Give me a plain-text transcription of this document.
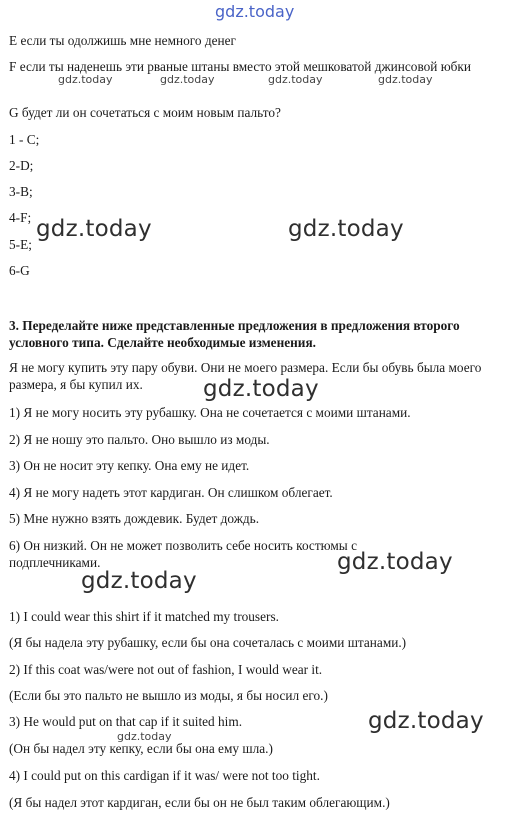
gdz.today
E если ты одолжишь мне немного денег
F если ты наденешь эти рваные штаны вместо этой мешковатой джинсовой юбки
G будет ли он сочетаться с моим новым пальто?
1 - C;
2-D;
3-B;
4-F;
5-E;
6-G
3. Переделайте ниже представленные предложения в предложения второго условного типа. Сделайте необходимые изменения.
Я не могу купить эту пару обуви. Они не моего размера. Если бы обувь была моего размера, я бы купил их.
1) Я не могу носить эту рубашку. Она не сочетается с моими штанами.
2) Я не ношу это пальто. Оно вышло из моды.
3) Он не носит эту кепку. Она ему не идет.
4) Я не могу надеть этот кардиган. Он слишком облегает.
5) Мне нужно взять дождевик. Будет дождь.
6) Он низкий. Он не может позволить себе носить костюмы с подплечниками.
1) I could wear this shirt if it matched my trousers.
(Я бы надела эту рубашку, если бы она сочеталась с моими штанами.)
2) If this coat was/were not out of fashion, I would wear it.
(Если бы это пальто не вышло из моды, я бы носил его.)
3) He would put on that cap if it suited him.
(Он бы надел эту кепку, если бы она ему шла.)
4) I could put on this cardigan if it was/ were not too tight.
(Я бы надел этот кардиган, если бы он не был таким облегающим.)
gdz.today	gdz.today	gdz.today	gdz.today
gdz.today
gdz.today	gdz.today
gdz.today
gdz.today
gdz.today
gdz.today
